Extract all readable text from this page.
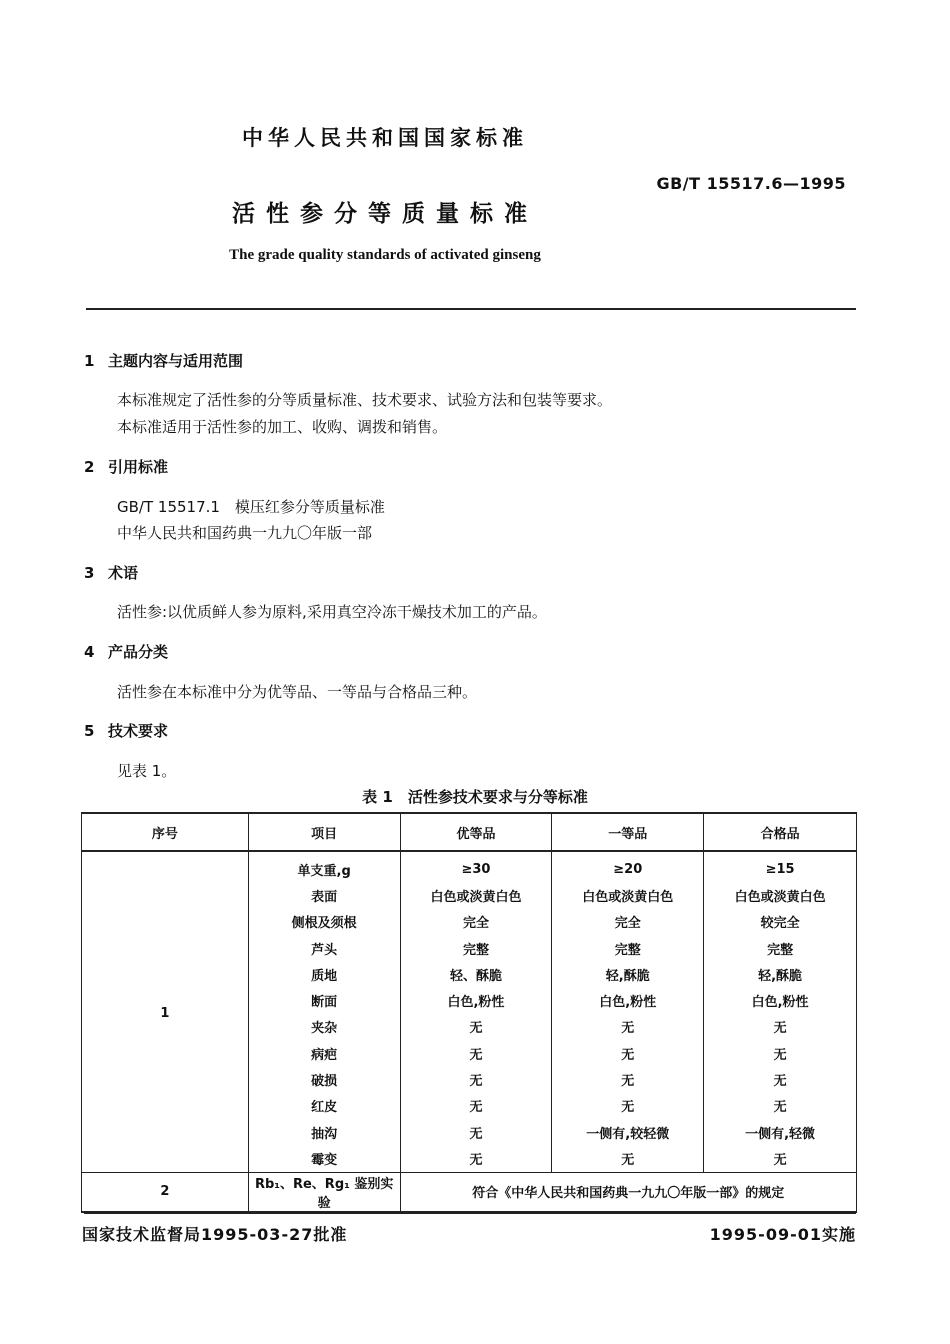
中华人民共和国国家标准
GB/T 15517.6—1995
活性参分等质量标准
The grade quality standards of activated ginseng
1 主题内容与适用范围
本标准规定了活性参的分等质量标准、技术要求、试验方法和包装等要求。
本标准适用于活性参的加工、收购、调拨和销售。
2 引用标准
GB/T 15517.1　模压红参分等质量标准
中华人民共和国药典一九九〇年版一部
3 术语
活性参:以优质鲜人参为原料,采用真空冷冻干燥技术加工的产品。
4 产品分类
活性参在本标准中分为优等品、一等品与合格品三种。
5 技术要求
见表 1。
表 1　活性参技术要求与分等标准
序号	项目	优等品	一等品	合格品
1	单支重,g	≥30	≥20	≥15
	表面	白色或淡黄白色	白色或淡黄白色	白色或淡黄白色
	侧根及须根	完全	完全	较完全
	芦头	完整	完整	完整
	质地	轻、酥脆	轻,酥脆	轻,酥脆
	断面	白色,粉性	白色,粉性	白色,粉性
	夹杂	无	无	无
	病疤	无	无	无
	破损	无	无	无
	红皮	无	无	无
	抽沟	无	一侧有,较轻微	一侧有,轻微
	霉变	无	无	无
2	Rb₁、Re、Rg₁ 鉴别实验	符合《中华人民共和国药典一九九〇年版一部》的规定		
国家技术监督局1995-03-27批准	1995-09-01实施
